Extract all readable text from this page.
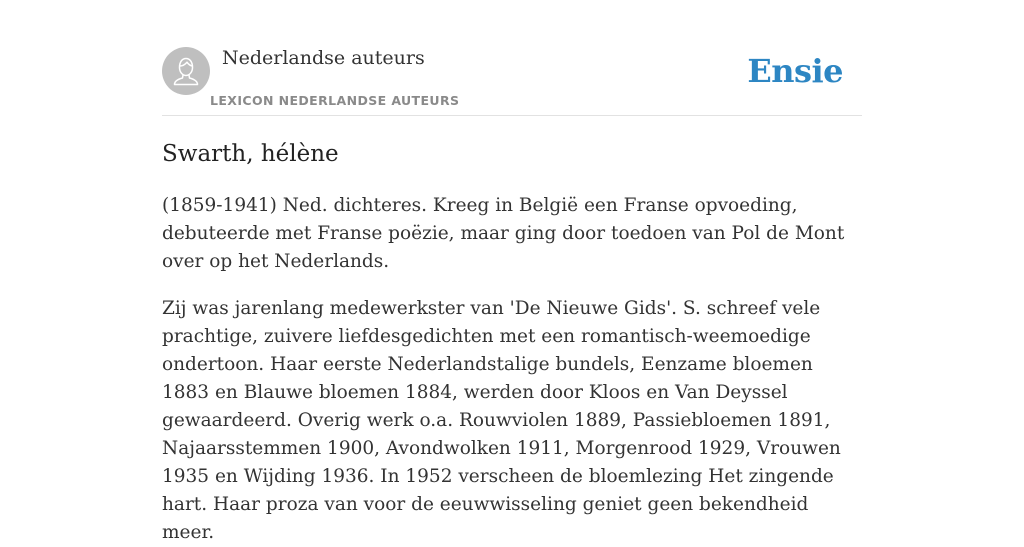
Nederlandse auteurs
LEXICON NEDERLANDSE AUTEURS
Ensie
Swarth, hélène

(1859-1941) Ned. dichteres. Kreeg in België een Franse opvoeding, debuteerde met Franse poëzie, maar ging door toedoen van Pol de Mont over op het Nederlands.

Zij was jarenlang medewerkster van 'De Nieuwe Gids'. S. schreef vele prachtige, zuivere liefdesgedichten met een romantisch-weemoedige ondertoon. Haar eerste Nederlandstalige bundels, Eenzame bloemen 1883 en Blauwe bloemen 1884, werden door Kloos en Van Deyssel gewaardeerd. Overig werk o.a. Rouwviolen 1889, Passiebloemen 1891, Najaarsstemmen 1900, Avondwolken 1911, Morgenrood 1929, Vrouwen 1935 en Wijding 1936. In 1952 verscheen de bloemlezing Het zingende hart. Haar proza van voor de eeuwwisseling geniet geen bekendheid meer.
